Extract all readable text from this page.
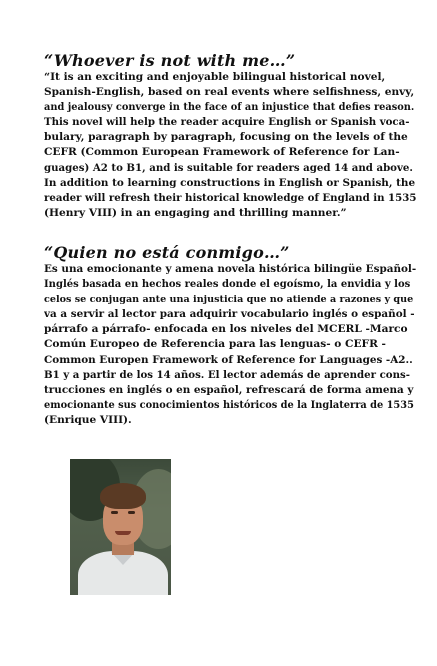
“Whoever is not with me…”
“It is an exciting and enjoyable bilingual historical novel,
Spanish-English, based on real events where selfishness, envy,
and jealousy converge in the face of an injustice that defies reason.
This novel will help the reader acquire English or Spanish voca-
bulary, paragraph by paragraph, focusing on the levels of the
CEFR (Common European Framework of Reference for Lan-
guages) A2 to B1, and is suitable for readers aged 14 and above.
In addition to learning constructions in English or Spanish, the
reader will refresh their historical knowledge of England in 1535
(Henry VIII) in an engaging and thrilling manner.”
“Quien no está conmigo…”
Es una emocionante y amena novela histórica bilingüe Español-
Inglés basada en hechos reales donde el egoísmo, la envidia y los
celos se conjugan ante una injusticia que no atiende a razones y que
va a servir al lector para adquirir vocabulario inglés o español -
párrafo a párrafo- enfocada en los niveles del MCERL -Marco
Común Europeo de Referencia para las lenguas- o CEFR -
Common Europen Framework of Reference for Languages -A2..
B1 y a partir de los 14 años. El lector además de aprender cons-
trucciones en inglés o en español, refrescará de forma amena y
emocionante sus conocimientos históricos de la Inglaterra de 1535
(Enrique VIII).
